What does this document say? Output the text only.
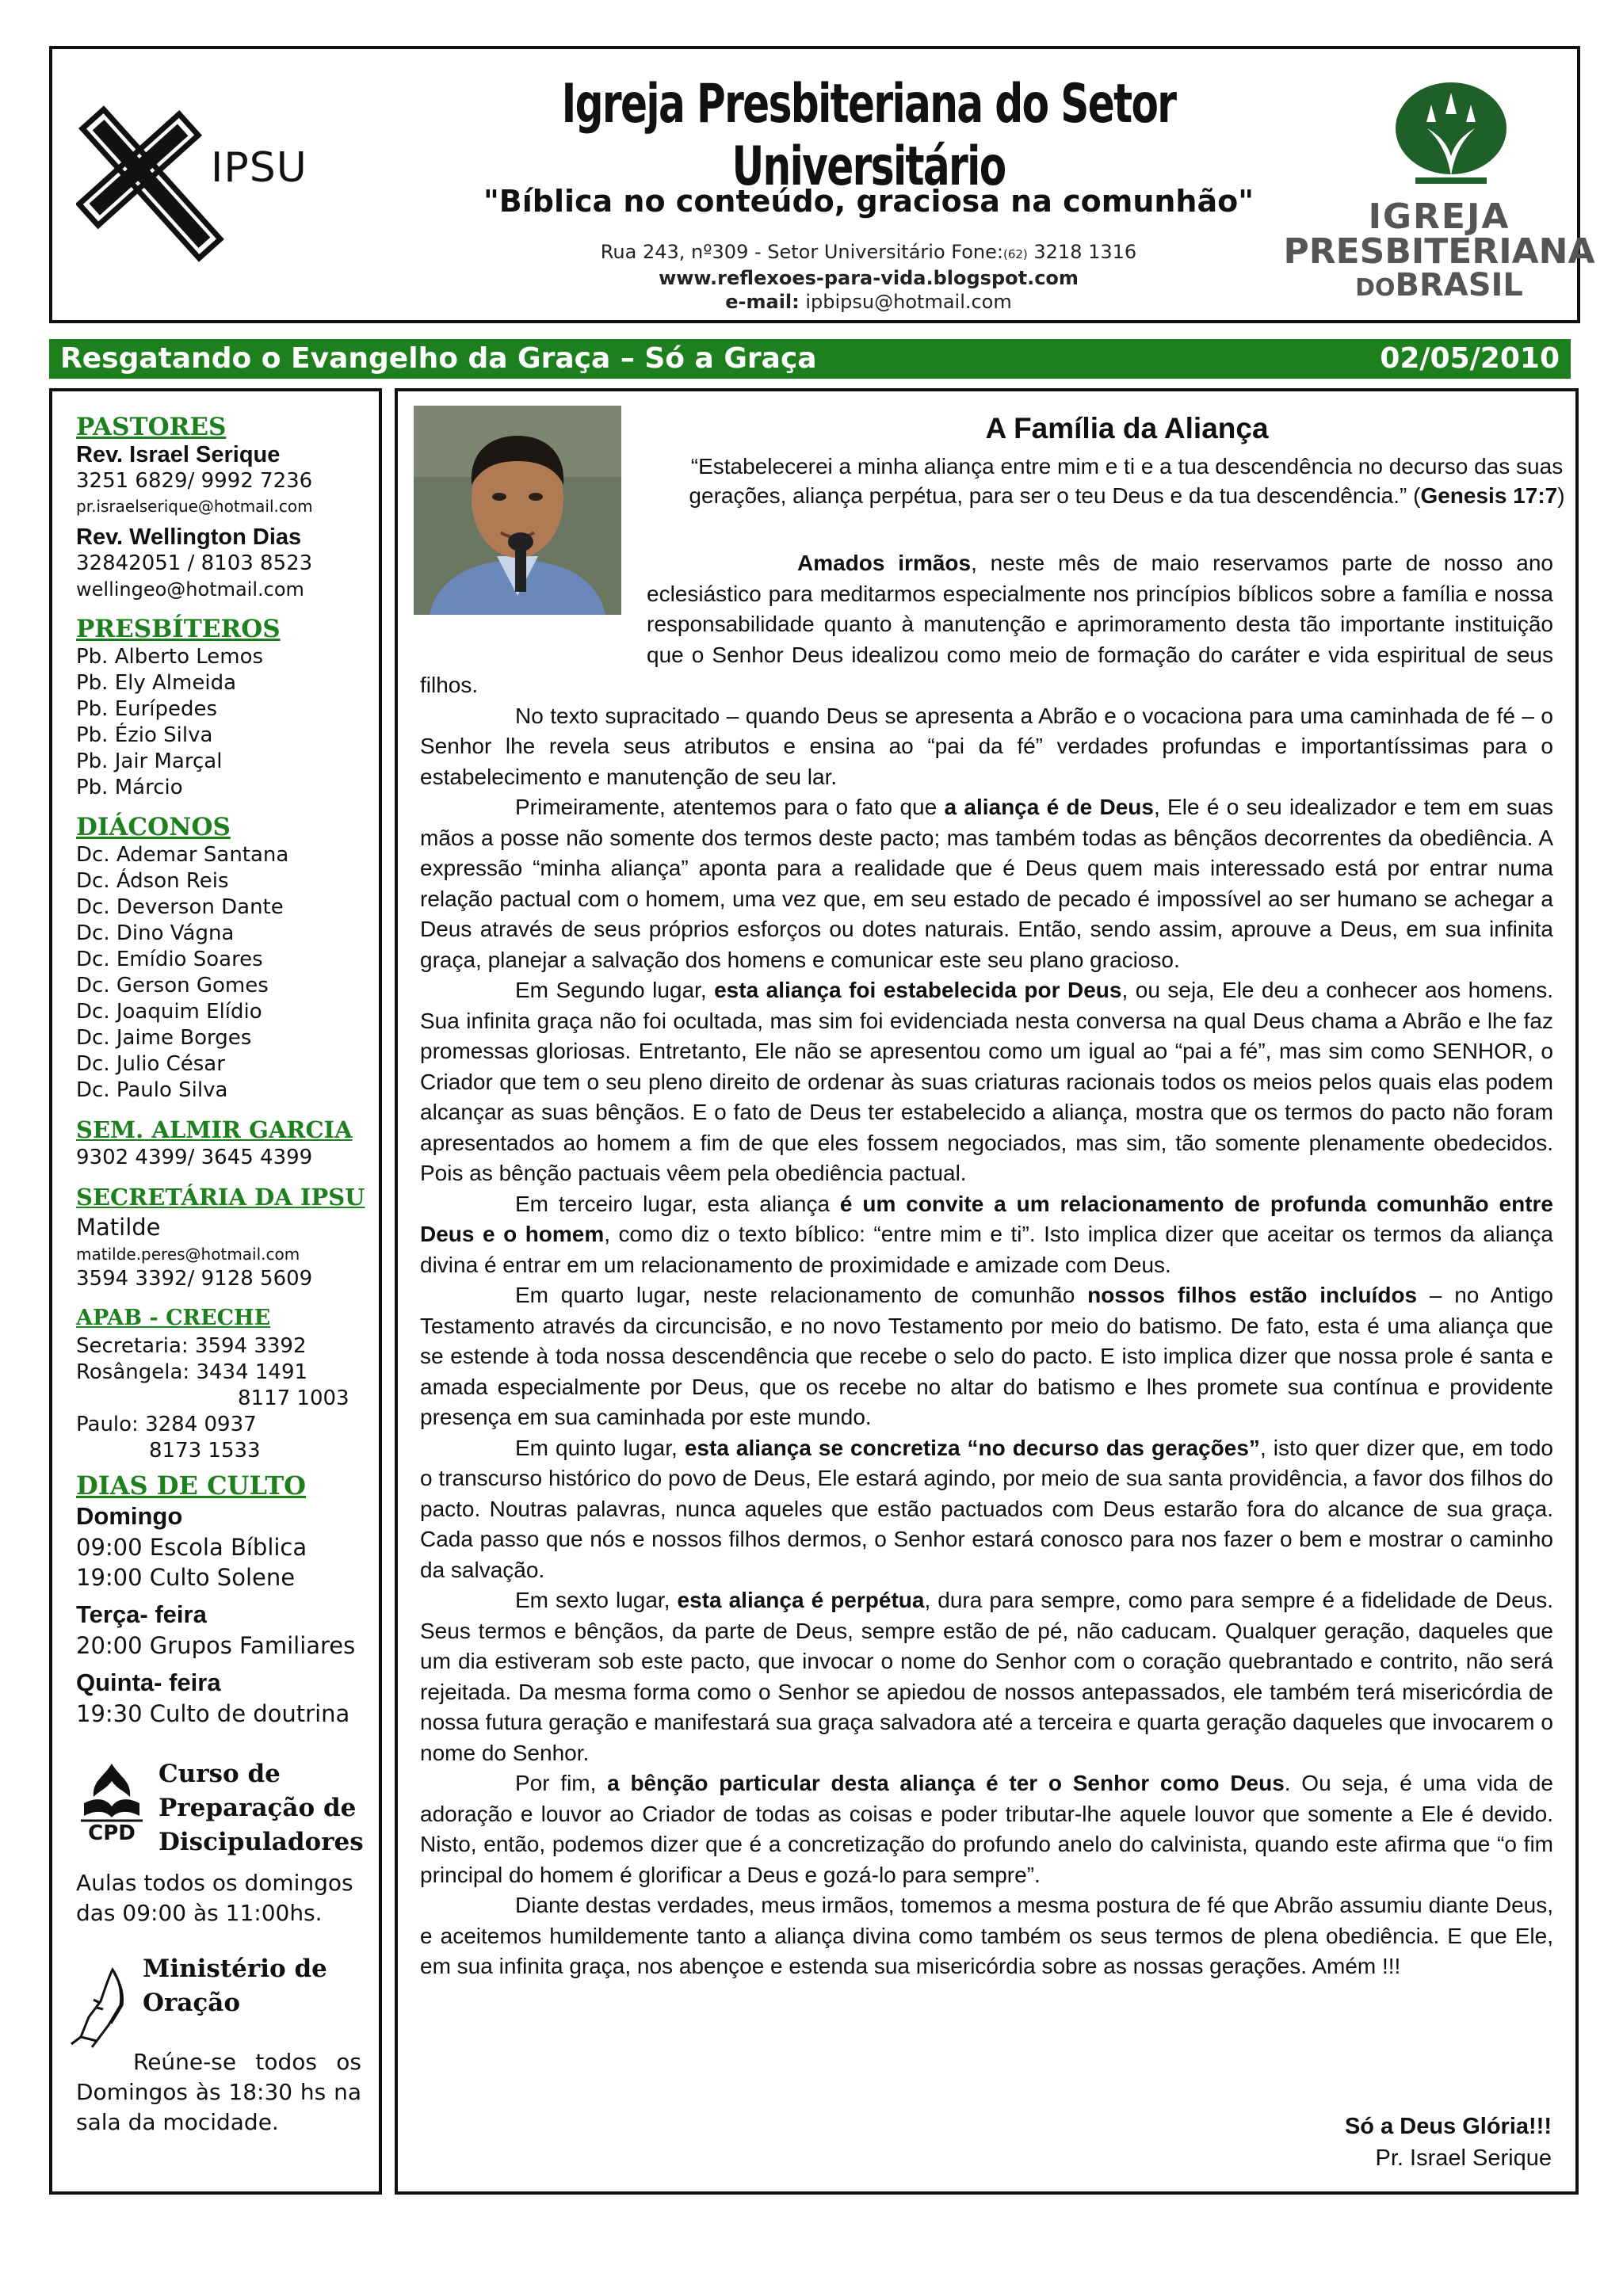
IPSU
Igreja Presbiteriana do Setor Universitário
"Bíblica no conteúdo, graciosa na comunhão"
Rua 243, nº309 - Setor Universitário Fone:(62) 3218 1316
www.reflexoes-para-vida.blogspot.com
e-mail: ipbipsu@hotmail.com
IGREJA
PRESBITERIANA
DOBRASIL
Resgatando o Evangelho da Graça – Só a Graça	02/05/2010
PASTORES
Rev. Israel Serique
3251 6829/ 9992 7236
pr.israelserique@hotmail.com
Rev. Wellington Dias
32842051 / 8103 8523
wellingeo@hotmail.com
PRESBÍTEROS
Pb. Alberto Lemos
Pb. Ely Almeida
Pb. Eurípedes
Pb. Ézio Silva
Pb. Jair Marçal
Pb. Márcio
DIÁCONOS
Dc. Ademar Santana
Dc. Ádson Reis
Dc. Deverson Dante
Dc. Dino Vágna
Dc. Emídio Soares
Dc. Gerson Gomes
Dc. Joaquim Elídio
Dc. Jaime Borges
Dc. Julio César
Dc. Paulo Silva
SEM. ALMIR GARCIA
9302 4399/ 3645 4399
SECRETÁRIA DA IPSU
Matilde
matilde.peres@hotmail.com
3594 3392/ 9128 5609
APAB - CRECHE
Secretaria: 3594 3392
Rosângela: 3434 1491
8117 1003
Paulo: 3284 0937
8173 1533
DIAS DE CULTO
Domingo
09:00 Escola Bíblica
19:00 Culto Solene
Terça- feira
20:00 Grupos Familiares
Quinta- feira
19:30 Culto de doutrina
CPD
Curso de
Preparação de
Discipuladores
Aulas todos os domingos das 09:00 às 11:00hs.
Ministério de
Oração
Reúne-se todos os Domingos às 18:30 hs na sala da mocidade.
A Família da Aliança
“Estabelecerei a minha aliança entre mim e ti e a tua descendência no decurso das suas gerações, aliança perpétua, para ser o teu Deus e da tua descendência.” (Genesis 17:7)

Amados irmãos, neste mês de maio reservamos parte de nosso ano eclesiástico para meditarmos especialmente nos princípios bíblicos sobre a família e nossa responsabilidade quanto à manutenção e aprimoramento desta tão importante instituição que o Senhor Deus idealizou como meio de formação do caráter e vida espiritual de seus filhos.

No texto supracitado – quando Deus se apresenta a Abrão e o vocaciona para uma caminhada de fé – o Senhor lhe revela seus atributos e ensina ao “pai da fé” verdades profundas e importantíssimas para o estabelecimento e manutenção de seu lar.

Primeiramente, atentemos para o fato que a aliança é de Deus, Ele é o seu idealizador e tem em suas mãos a posse não somente dos termos deste pacto; mas também todas as bênçãos decorrentes da obediência. A expressão “minha aliança” aponta para a realidade que é Deus quem mais interessado está por entrar numa relação pactual com o homem, uma vez que, em seu estado de pecado é impossível ao ser humano se achegar a Deus através de seus próprios esforços ou dotes naturais. Então, sendo assim, aprouve a Deus, em sua infinita graça, planejar a salvação dos homens e comunicar este seu plano gracioso.

Em Segundo lugar, esta aliança foi estabelecida por Deus, ou seja, Ele deu a conhecer aos homens. Sua infinita graça não foi ocultada, mas sim foi evidenciada nesta conversa na qual Deus chama a Abrão e lhe faz promessas gloriosas. Entretanto, Ele não se apresentou como um igual ao “pai a fé”, mas sim como SENHOR, o Criador que tem o seu pleno direito de ordenar às suas criaturas racionais todos os meios pelos quais elas podem alcançar as suas bênçãos. E o fato de Deus ter estabelecido a aliança, mostra que os termos do pacto não foram apresentados ao homem a fim de que eles fossem negociados, mas sim, tão somente plenamente obedecidos. Pois as bênção pactuais vêem pela obediência pactual.

Em terceiro lugar, esta aliança é um convite a um relacionamento de profunda comunhão entre Deus e o homem, como diz o texto bíblico: “entre mim e ti”. Isto implica dizer que aceitar os termos da aliança divina é entrar em um relacionamento de proximidade e amizade com Deus.

Em quarto lugar, neste relacionamento de comunhão nossos filhos estão incluídos – no Antigo Testamento através da circuncisão, e no novo Testamento por meio do batismo. De fato, esta é uma aliança que se estende à toda nossa descendência que recebe o selo do pacto. E isto implica dizer que nossa prole é santa e amada especialmente por Deus, que os recebe no altar do batismo e lhes promete sua contínua e providente presença em sua caminhada por este mundo.

Em quinto lugar, esta aliança se concretiza “no decurso das gerações”, isto quer dizer que, em todo o transcurso histórico do povo de Deus, Ele estará agindo, por meio de sua santa providência, a favor dos filhos do pacto. Noutras palavras, nunca aqueles que estão pactuados com Deus estarão fora do alcance de sua graça. Cada passo que nós e nossos filhos dermos, o Senhor estará conosco para nos fazer o bem e mostrar o caminho da salvação.

Em sexto lugar, esta aliança é perpétua, dura para sempre, como para sempre é a fidelidade de Deus. Seus termos e bênçãos, da parte de Deus, sempre estão de pé, não caducam. Qualquer geração, daqueles que um dia estiveram sob este pacto, que invocar o nome do Senhor com o coração quebrantado e contrito, não será rejeitada. Da mesma forma como o Senhor se apiedou de nossos antepassados, ele também terá misericórdia de nossa futura geração e manifestará sua graça salvadora até a terceira e quarta geração daqueles que invocarem o nome do Senhor.

Por fim, a bênção particular desta aliança é ter o Senhor como Deus. Ou seja, é uma vida de adoração e louvor ao Criador de todas as coisas e poder tributar-lhe aquele louvor que somente a Ele é devido. Nisto, então, podemos dizer que é a concretização do profundo anelo do calvinista, quando este afirma que “o fim principal do homem é glorificar a Deus e gozá-lo para sempre”.

Diante destas verdades, meus irmãos, tomemos a mesma postura de fé que Abrão assumiu diante Deus, e aceitemos humildemente tanto a aliança divina como também os seus termos de plena obediência. E que Ele, em sua infinita graça, nos abençoe e estenda sua misericórdia sobre as nossas gerações. Amém !!!

Só a Deus Glória!!!
Pr. Israel Serique
